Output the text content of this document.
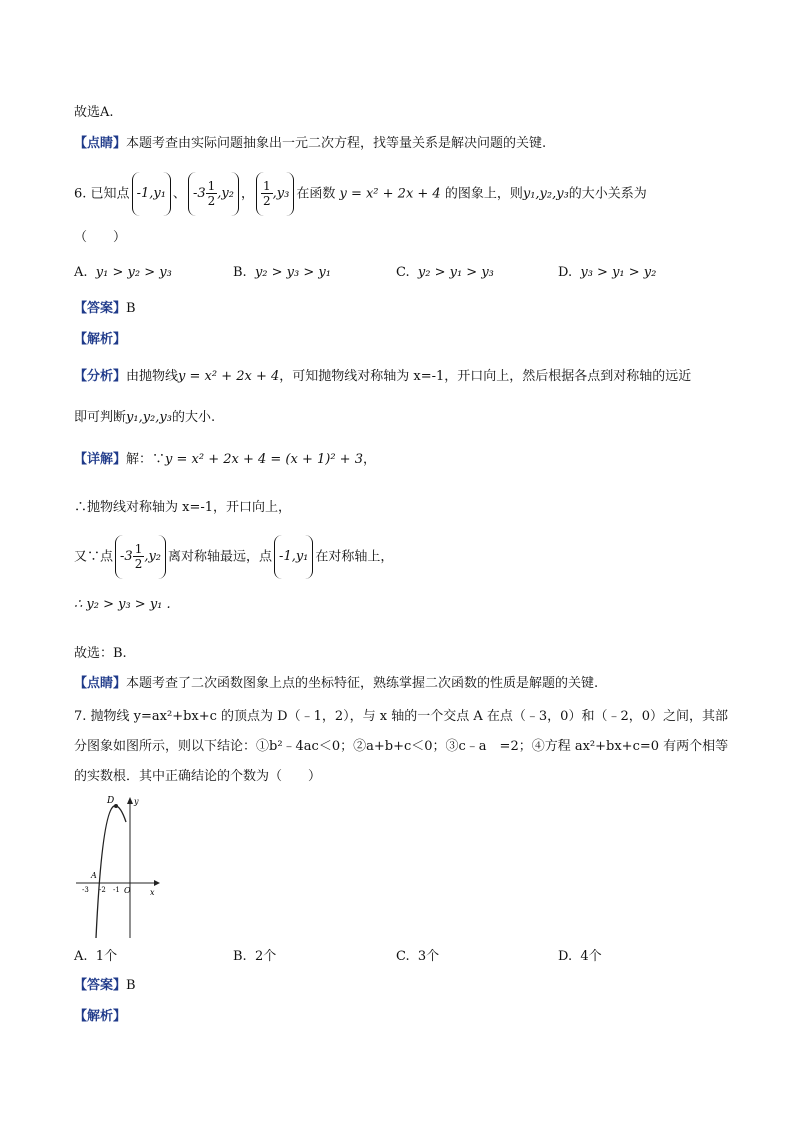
故选A.
【点睛】本题考查由实际问题抽象出一元二次方程，找等量关系是解决问题的关键.
6. 已知点 -1,y₁ 、 $-3 \frac{1}{2} ,y_2$ ， $\frac{1}{2} ,y_3$ 在函数 y = x² + 2x + 4 的图象上，则y₁,y₂,y₃的大小关系为
（　　）
A. y₁ > y₂ > y₃	B. y₂ > y₃ > y₁	C. y₂ > y₁ > y₃	D. y₃ > y₁ > y₂
【答案】B
【解析】
【分析】由抛物线y = x² + 2x + 4，可知抛物线对称轴为 x=-1，开口向上，然后根据各点到对称轴的远近
即可判断y₁,y₂,y₃的大小.
【详解】解：∵y = x² + 2x + 4 = (x + 1)² + 3，
∴抛物线对称轴为 x=-1，开口向上，
又∵点 $-3 \frac{1}{2} ,y_2$ 离对称轴最远，点 -1,y₁ 在对称轴上，
∴ y₂ > y₃ > y₁ .
故选：B.
【点睛】本题考查了二次函数图象上点的坐标特征，熟练掌握二次函数的性质是解题的关键.
7. 抛物线 y=ax²+bx+c 的顶点为 D（﹣1，2），与 x 轴的一个交点 A 在点（﹣3，0）和（﹣2，0）之间，其部
分图象如图所示，则以下结论：①b²﹣4ac＜0；②a+b+c＜0；③c﹣a　=2；④方程 ax²+bx+c=0 有两个相等
的实数根．其中正确结论的个数为（　　）
D y
x
A
-3 -2 -1 O
A. 1个	B. 2个	C. 3个	D. 4个
【答案】B
【解析】
